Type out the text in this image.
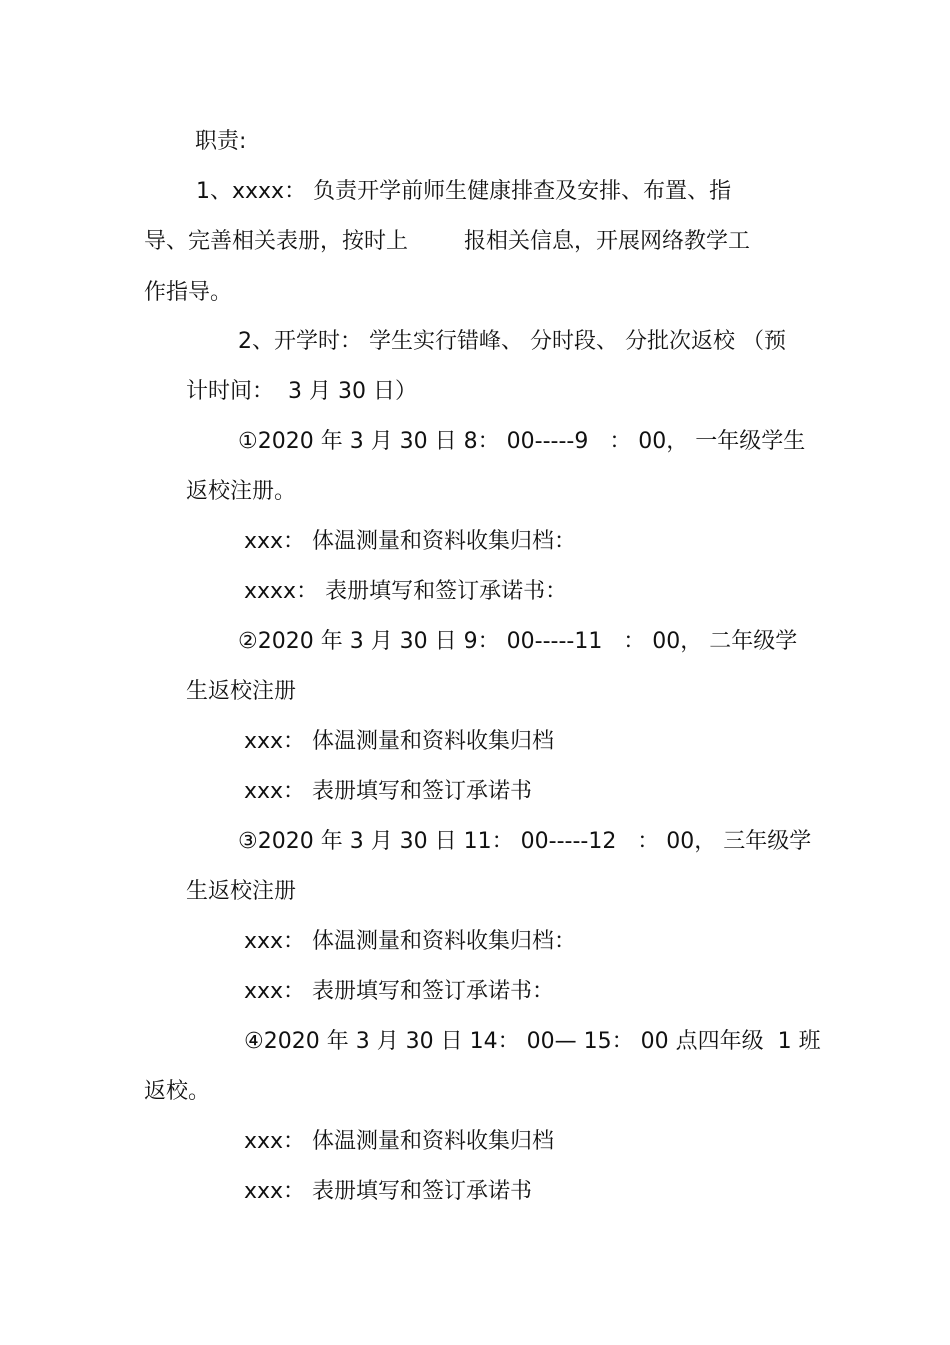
职责:
1、xxxx： 负责开学前师生健康排查及安排、布置、指
导、完善相关表册，按时上        报相关信息，开展网络教学工
作指导。
2、开学时： 学生实行错峰、 分时段、 分批次返校 （预
计时间：  3 月 30 日）
①2020 年 3 月 30 日 8： 00-----9   ： 00， 一年级学生
返校注册。
xxx： 体温测量和资料收集归档：
xxxx： 表册填写和签订承诺书：
②2020 年 3 月 30 日 9： 00-----11   ： 00， 二年级学
生返校注册
xxx： 体温测量和资料收集归档
xxx： 表册填写和签订承诺书
③2020 年 3 月 30 日 11： 00-----12   ： 00， 三年级学
生返校注册
xxx： 体温测量和资料收集归档：
xxx： 表册填写和签订承诺书：
④2020 年 3 月 30 日 14： 00— 15： 00 点四年级  1 班
返校。
xxx： 体温测量和资料收集归档
xxx： 表册填写和签订承诺书
